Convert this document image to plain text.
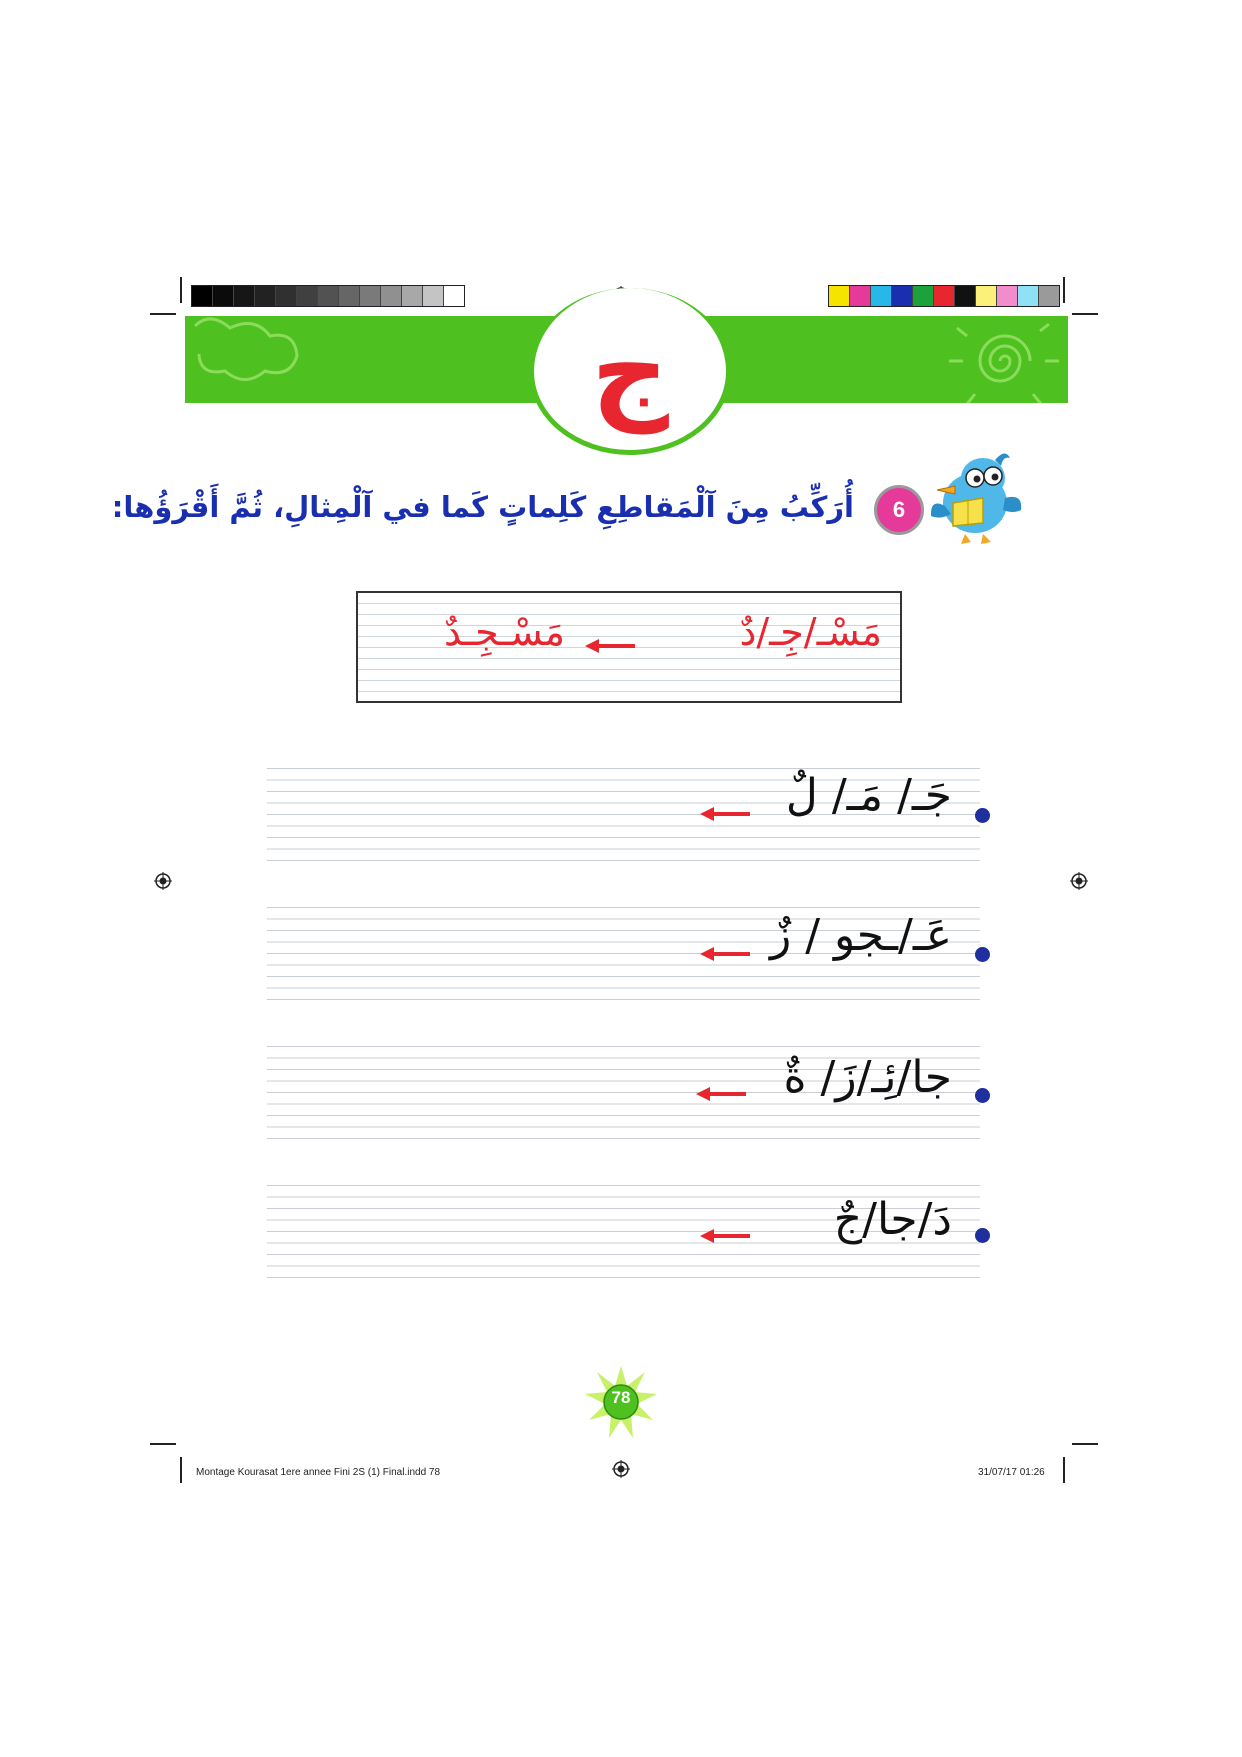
ج
6
أُرَكِّبُ مِنَ آلْمَقاطِعِ كَلِماتٍ كَما في آلْمِثالِ، ثُمَّ أَقْرَؤُها:
مَسْـ/جِـ/دٌ
مَسْـجِـدٌ
جَـ/ مَـ/ لٌ
عَـ/ـجو / زٌ
جا/ئِـ/زَ/ ةٌ
دَ/جا/جٌ
78
Montage Kourasat 1ere annee Fini 2S (1) Final.indd 78	31/07/17 01:26
